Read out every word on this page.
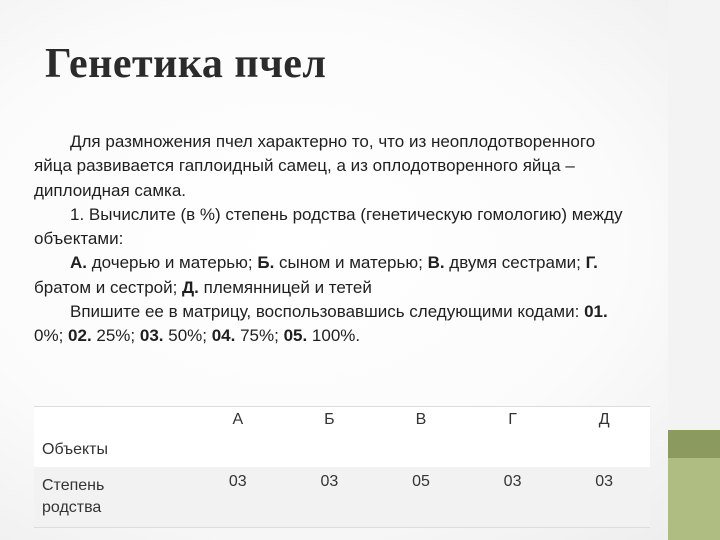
Генетика пчел

Для размножения пчел характерно то, что из неоплодотворенного яйца развивается гаплоидный самец, а из оплодотворенного яйца – диплоидная самка.

1. Вычислите (в %) степень родства (генетическую гомологию) между объектами:

А. дочерью и матерью; Б. сыном и матерью; В. двумя сестрами; Г. братом и сестрой; Д. племянницей и тетей

Впишите ее в матрицу, воспользовавшись следующими кодами: 01. 0%; 02. 25%; 03. 50%; 04. 75%; 05. 100%.

Объекты	А	Б	В	Г	Д
Степень
родства	03	03	05	03	03
